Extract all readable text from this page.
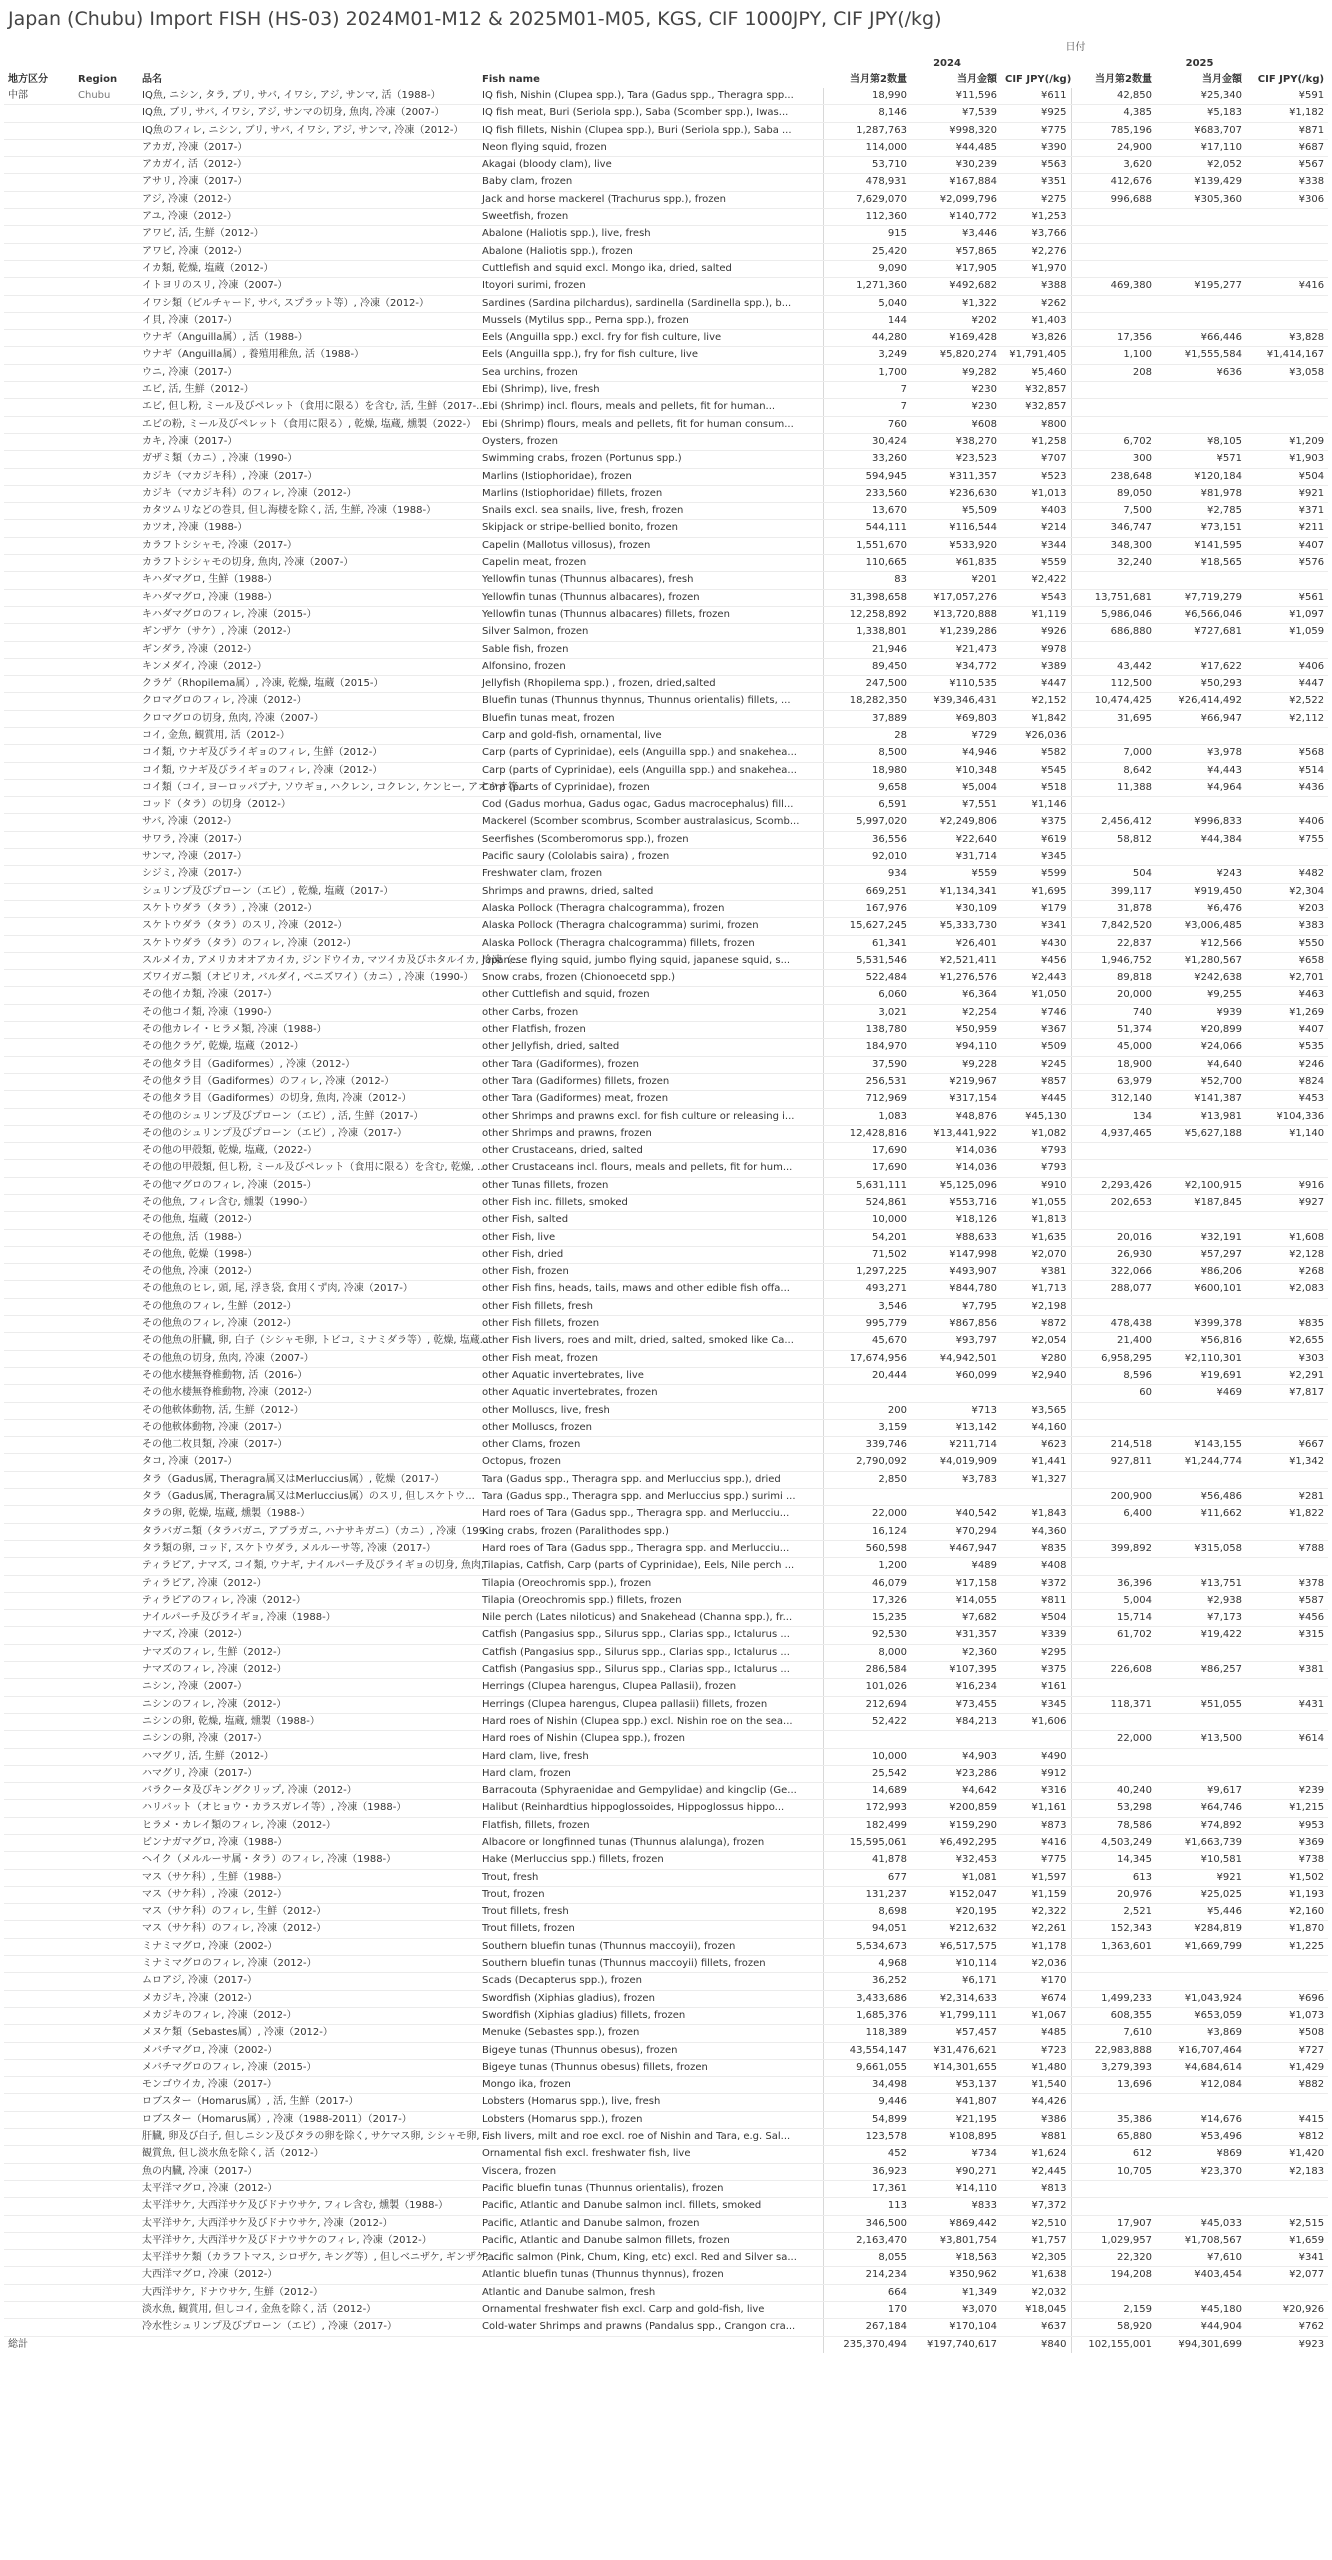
Japan (Chubu) Import FISH (HS-03) 2024M01-M12 & 2025M01-M05, KGS, CIF 1000JPY, CIF JPY(/kg)
				日付					
				2024			2025		
地方区分	Region	品名	Fish name	当月第2数量	当月金額	CIF JPY(/kg)	当月第2数量	当月金額	CIF JPY(/kg)
中部	Chubu	IQ魚, ニシン, タラ, ブリ, サバ, イワシ, アジ, サンマ, 活（1988-）	IQ fish, Nishin (Clupea spp.), Tara (Gadus spp., Theragra spp...	18,990	¥11,596	¥611	42,850	¥25,340	¥591
		IQ魚, ブリ, サバ, イワシ, アジ, サンマの切身, 魚肉, 冷凍（2007-）	IQ fish meat, Buri (Seriola spp.), Saba (Scomber spp.), Iwas...	8,146	¥7,539	¥925	4,385	¥5,183	¥1,182
		IQ魚のフィレ, ニシン, ブリ, サバ, イワシ, アジ, サンマ, 冷凍（2012-）	IQ fish fillets, Nishin (Clupea spp.), Buri (Seriola spp.), Saba ...	1,287,763	¥998,320	¥775	785,196	¥683,707	¥871
		アカガ, 冷凍（2017-）	Neon flying squid, frozen	114,000	¥44,485	¥390	24,900	¥17,110	¥687
		アカガイ, 活（2012-）	Akagai (bloody clam), live	53,710	¥30,239	¥563	3,620	¥2,052	¥567
		アサリ, 冷凍（2017-）	Baby clam, frozen	478,931	¥167,884	¥351	412,676	¥139,429	¥338
		アジ, 冷凍（2012-）	Jack and horse mackerel (Trachurus spp.), frozen	7,629,070	¥2,099,796	¥275	996,688	¥305,360	¥306
		アユ, 冷凍（2012-）	Sweetfish, frozen	112,360	¥140,772	¥1,253			
		アワビ, 活, 生鮮（2012-）	Abalone (Haliotis spp.), live, fresh	915	¥3,446	¥3,766			
		アワビ, 冷凍（2012-）	Abalone (Haliotis spp.), frozen	25,420	¥57,865	¥2,276			
		イカ類, 乾燥, 塩蔵（2012-）	Cuttlefish and squid excl. Mongo ika, dried, salted	9,090	¥17,905	¥1,970			
		イトヨリのスリ, 冷凍（2007-）	Itoyori surimi, frozen	1,271,360	¥492,682	¥388	469,380	¥195,277	¥416
		イワシ類（ピルチャード, サバ, スプラット等）, 冷凍（2012-）	Sardines (Sardina pilchardus), sardinella (Sardinella spp.), b...	5,040	¥1,322	¥262			
		イ貝, 冷凍（2017-）	Mussels (Mytilus spp., Perna spp.), frozen	144	¥202	¥1,403			
		ウナギ（Anguilla属）, 活（1988-）	Eels (Anguilla spp.) excl. fry for fish culture, live	44,280	¥169,428	¥3,826	17,356	¥66,446	¥3,828
		ウナギ（Anguilla属）, 養殖用稚魚, 活（1988-）	Eels (Anguilla spp.), fry for fish culture, live	3,249	¥5,820,274	¥1,791,405	1,100	¥1,555,584	¥1,414,167
		ウニ, 冷凍（2017-）	Sea urchins, frozen	1,700	¥9,282	¥5,460	208	¥636	¥3,058
		エビ, 活, 生鮮（2012-）	Ebi (Shrimp), live, fresh	7	¥230	¥32,857			
		エビ, 但し粉, ミール及びペレット（食用に限る）を含む, 活, 生鮮（2017-...	Ebi (Shrimp) incl. flours, meals and pellets, fit for human...	7	¥230	¥32,857			
		エビの粉, ミール及びペレット（食用に限る）, 乾燥, 塩蔵, 燻製（2022-）	Ebi (Shrimp) flours, meals and pellets, fit for human consum...	760	¥608	¥800			
		カキ, 冷凍（2017-）	Oysters, frozen	30,424	¥38,270	¥1,258	6,702	¥8,105	¥1,209
		ガザミ類（カニ）, 冷凍（1990-）	Swimming crabs, frozen (Portunus spp.)	33,260	¥23,523	¥707	300	¥571	¥1,903
		カジキ（マカジキ科）, 冷凍（2017-）	Marlins (Istiophoridae), frozen	594,945	¥311,357	¥523	238,648	¥120,184	¥504
		カジキ（マカジキ科）のフィレ, 冷凍（2012-）	Marlins (Istiophoridae) fillets, frozen	233,560	¥236,630	¥1,013	89,050	¥81,978	¥921
		カタツムリなどの巻貝, 但し海棲を除く, 活, 生鮮, 冷凍（1988-）	Snails excl. sea snails, live, fresh, frozen	13,670	¥5,509	¥403	7,500	¥2,785	¥371
		カツオ, 冷凍（1988-）	Skipjack or stripe-bellied bonito, frozen	544,111	¥116,544	¥214	346,747	¥73,151	¥211
		カラフトシシャモ, 冷凍（2017-）	Capelin (Mallotus villosus), frozen	1,551,670	¥533,920	¥344	348,300	¥141,595	¥407
		カラフトシシャモの切身, 魚肉, 冷凍（2007-）	Capelin meat, frozen	110,665	¥61,835	¥559	32,240	¥18,565	¥576
		キハダマグロ, 生鮮（1988-）	Yellowfin tunas (Thunnus albacares), fresh	83	¥201	¥2,422			
		キハダマグロ, 冷凍（1988-）	Yellowfin tunas (Thunnus albacares), frozen	31,398,658	¥17,057,276	¥543	13,751,681	¥7,719,279	¥561
		キハダマグロのフィレ, 冷凍（2015-）	Yellowfin tunas (Thunnus albacares) fillets, frozen	12,258,892	¥13,720,888	¥1,119	5,986,046	¥6,566,046	¥1,097
		ギンザケ（サケ）, 冷凍（2012-）	Silver Salmon, frozen	1,338,801	¥1,239,286	¥926	686,880	¥727,681	¥1,059
		ギンダラ, 冷凍（2012-）	Sable fish, frozen	21,946	¥21,473	¥978			
		キンメダイ, 冷凍（2012-）	Alfonsino, frozen	89,450	¥34,772	¥389	43,442	¥17,622	¥406
		クラゲ（Rhopilema属）, 冷凍, 乾燥, 塩蔵（2015-）	Jellyfish (Rhopilema spp.) , frozen, dried,salted	247,500	¥110,535	¥447	112,500	¥50,293	¥447
		クロマグロのフィレ, 冷凍（2012-）	Bluefin tunas (Thunnus thynnus, Thunnus orientalis) fillets, ...	18,282,350	¥39,346,431	¥2,152	10,474,425	¥26,414,492	¥2,522
		クロマグロの切身, 魚肉, 冷凍（2007-）	Bluefin tunas meat, frozen	37,889	¥69,803	¥1,842	31,695	¥66,947	¥2,112
		コイ, 金魚, 観賞用, 活（2012-）	Carp and gold-fish, ornamental, live	28	¥729	¥26,036			
		コイ類, ウナギ及びライギョのフィレ, 生鮮（2012-）	Carp (parts of Cyprinidae), eels (Anguilla spp.) and snakehea...	8,500	¥4,946	¥582	7,000	¥3,978	¥568
		コイ類, ウナギ及びライギョのフィレ, 冷凍（2012-）	Carp (parts of Cyprinidae), eels (Anguilla spp.) and snakehea...	18,980	¥10,348	¥545	8,642	¥4,443	¥514
		コイ類（コイ, ヨーロッパブナ, ソウギョ, ハクレン, コクレン, ケンヒー, アオウオ等...	Carp (parts of Cyprinidae), frozen	9,658	¥5,004	¥518	11,388	¥4,964	¥436
		コッド（タラ）の切身（2012-）	Cod (Gadus morhua, Gadus ogac, Gadus macrocephalus) fill...	6,591	¥7,551	¥1,146			
		サバ, 冷凍（2012-）	Mackerel (Scomber scombrus, Scomber australasicus, Scomb...	5,997,020	¥2,249,806	¥375	2,456,412	¥996,833	¥406
		サワラ, 冷凍（2017-）	Seerfishes (Scomberomorus spp.), frozen	36,556	¥22,640	¥619	58,812	¥44,384	¥755
		サンマ, 冷凍（2017-）	Pacific saury (Cololabis saira) , frozen	92,010	¥31,714	¥345			
		シジミ, 冷凍（2017-）	Freshwater clam, frozen	934	¥559	¥599	504	¥243	¥482
		シュリンプ及びプローン（エビ）, 乾燥, 塩蔵（2017-）	Shrimps and prawns, dried, salted	669,251	¥1,134,341	¥1,695	399,117	¥919,450	¥2,304
		スケトウダラ（タラ）, 冷凍（2012-）	Alaska Pollock (Theragra chalcogramma), frozen	167,976	¥30,109	¥179	31,878	¥6,476	¥203
		スケトウダラ（タラ）のスリ, 冷凍（2012-）	Alaska Pollock (Theragra chalcogramma) surimi, frozen	15,627,245	¥5,333,730	¥341	7,842,520	¥3,006,485	¥383
		スケトウダラ（タラ）のフィレ, 冷凍（2012-）	Alaska Pollock (Theragra chalcogramma) fillets, frozen	61,341	¥26,401	¥430	22,837	¥12,566	¥550
		スルメイカ, アメリカオオアカイカ, ジンドウイカ, マツイカ及びホタルイカ, 冷凍（...	Japanese flying squid, jumbo flying squid, japanese squid, s...	5,531,546	¥2,521,411	¥456	1,946,752	¥1,280,567	¥658
		ズワイガニ類（オピリオ, バルダイ, ベニズワイ）（カニ）, 冷凍（1990-）	Snow crabs, frozen (Chionoecetd spp.)	522,484	¥1,276,576	¥2,443	89,818	¥242,638	¥2,701
		その他イカ類, 冷凍（2017-）	other Cuttlefish and squid, frozen	6,060	¥6,364	¥1,050	20,000	¥9,255	¥463
		その他コイ類, 冷凍（1990-）	other Carbs, frozen	3,021	¥2,254	¥746	740	¥939	¥1,269
		その他カレイ・ヒラメ類, 冷凍（1988-）	other Flatfish, frozen	138,780	¥50,959	¥367	51,374	¥20,899	¥407
		その他クラゲ, 乾燥, 塩蔵（2012-）	other Jellyfish, dried, salted	184,970	¥94,110	¥509	45,000	¥24,066	¥535
		その他タラ目（Gadiformes）, 冷凍（2012-）	other Tara (Gadiformes), frozen	37,590	¥9,228	¥245	18,900	¥4,640	¥246
		その他タラ目（Gadiformes）のフィレ, 冷凍（2012-）	other Tara (Gadiformes) fillets, frozen	256,531	¥219,967	¥857	63,979	¥52,700	¥824
		その他タラ目（Gadiformes）の切身, 魚肉, 冷凍（2012-）	other Tara (Gadiformes) meat, frozen	712,969	¥317,154	¥445	312,140	¥141,387	¥453
		その他のシュリンプ及びプローン（エビ）, 活, 生鮮（2017-）	other Shrimps and prawns excl. for fish culture or releasing i...	1,083	¥48,876	¥45,130	134	¥13,981	¥104,336
		その他のシュリンプ及びプローン（エビ）, 冷凍（2017-）	other Shrimps and prawns, frozen	12,428,816	¥13,441,922	¥1,082	4,937,465	¥5,627,188	¥1,140
		その他の甲殻類, 乾燥, 塩蔵,（2022-）	other Crustaceans, dried, salted	17,690	¥14,036	¥793			
		その他の甲殻類, 但し粉, ミール及びペレット（食用に限る）を含む, 乾燥, ...	other Crustaceans incl. flours, meals and pellets, fit for hum...	17,690	¥14,036	¥793			
		その他マグロのフィレ, 冷凍（2015-）	other Tunas fillets, frozen	5,631,111	¥5,125,096	¥910	2,293,426	¥2,100,915	¥916
		その他魚, フィレ含む, 燻製（1990-）	other Fish inc. fillets, smoked	524,861	¥553,716	¥1,055	202,653	¥187,845	¥927
		その他魚, 塩蔵（2012-）	other Fish, salted	10,000	¥18,126	¥1,813			
		その他魚, 活（1988-）	other Fish, live	54,201	¥88,633	¥1,635	20,016	¥32,191	¥1,608
		その他魚, 乾燥（1998-）	other Fish, dried	71,502	¥147,998	¥2,070	26,930	¥57,297	¥2,128
		その他魚, 冷凍（2012-）	other Fish, frozen	1,297,225	¥493,907	¥381	322,066	¥86,206	¥268
		その他魚のヒレ, 頭, 尾, 浮き袋, 食用くず肉, 冷凍（2017-）	other Fish fins, heads, tails, maws and other edible fish offa...	493,271	¥844,780	¥1,713	288,077	¥600,101	¥2,083
		その他魚のフィレ, 生鮮（2012-）	other Fish fillets, fresh	3,546	¥7,795	¥2,198			
		その他魚のフィレ, 冷凍（2012-）	other Fish fillets, frozen	995,779	¥867,856	¥872	478,438	¥399,378	¥835
		その他魚の肝臓, 卵, 白子（シシャモ卵, トビコ, ミナミダラ等）, 乾燥, 塩蔵...	other Fish livers, roes and milt, dried, salted, smoked like Ca...	45,670	¥93,797	¥2,054	21,400	¥56,816	¥2,655
		その他魚の切身, 魚肉, 冷凍（2007-）	other Fish meat, frozen	17,674,956	¥4,942,501	¥280	6,958,295	¥2,110,301	¥303
		その他水棲無脊椎動物, 活（2016-）	other Aquatic invertebrates, live	20,444	¥60,099	¥2,940	8,596	¥19,691	¥2,291
		その他水棲無脊椎動物, 冷凍（2012-）	other Aquatic invertebrates, frozen				60	¥469	¥7,817
		その他軟体動物, 活, 生鮮（2012-）	other Molluscs, live, fresh	200	¥713	¥3,565			
		その他軟体動物, 冷凍（2017-）	other Molluscs, frozen	3,159	¥13,142	¥4,160			
		その他二枚貝類, 冷凍（2017-）	other Clams, frozen	339,746	¥211,714	¥623	214,518	¥143,155	¥667
		タコ, 冷凍（2017-）	Octopus, frozen	2,790,092	¥4,019,909	¥1,441	927,811	¥1,244,774	¥1,342
		タラ（Gadus属, Theragra属又はMerluccius属）, 乾燥（2017-）	Tara (Gadus spp., Theragra spp. and Merluccius spp.), dried	2,850	¥3,783	¥1,327			
		タラ（Gadus属, Theragra属又はMerluccius属）のスリ, 但しスケトウ...	Tara (Gadus spp., Theragra spp. and Merluccius spp.) surimi ...				200,900	¥56,486	¥281
		タラの卵, 乾燥, 塩蔵, 燻製（1988-）	Hard roes of Tara (Gadus spp., Theragra spp. and Merlucciu...	22,000	¥40,542	¥1,843	6,400	¥11,662	¥1,822
		タラバガニ類（タラバガニ, アブラガニ, ハナサキガニ）（カニ）, 冷凍（199...	King crabs, frozen (Paralithodes spp.)	16,124	¥70,294	¥4,360			
		タラ類の卵, コッド, スケトウダラ, メルルーサ等, 冷凍（2017-）	Hard roes of Tara (Gadus spp., Theragra spp. and Merlucciu...	560,598	¥467,947	¥835	399,892	¥315,058	¥788
		ティラピア, ナマズ, コイ類, ウナギ, ナイルパーチ及びライギョの切身, 魚肉, ...	Tilapias, Catfish, Carp (parts of Cyprinidae), Eels, Nile perch ...	1,200	¥489	¥408			
		ティラピア, 冷凍（2012-）	Tilapia (Oreochromis spp.), frozen	46,079	¥17,158	¥372	36,396	¥13,751	¥378
		ティラピアのフィレ, 冷凍（2012-）	Tilapia (Oreochromis spp.) fillets, frozen	17,326	¥14,055	¥811	5,004	¥2,938	¥587
		ナイルパーチ及びライギョ, 冷凍（1988-）	Nile perch (Lates niloticus) and Snakehead (Channa spp.), fr...	15,235	¥7,682	¥504	15,714	¥7,173	¥456
		ナマズ, 冷凍（2012-）	Catfish (Pangasius spp., Silurus spp., Clarias spp., Ictalurus ...	92,530	¥31,357	¥339	61,702	¥19,422	¥315
		ナマズのフィレ, 生鮮（2012-）	Catfish (Pangasius spp., Silurus spp., Clarias spp., Ictalurus ...	8,000	¥2,360	¥295			
		ナマズのフィレ, 冷凍（2012-）	Catfish (Pangasius spp., Silurus spp., Clarias spp., Ictalurus ...	286,584	¥107,395	¥375	226,608	¥86,257	¥381
		ニシン, 冷凍（2007-）	Herrings (Clupea harengus, Clupea Pallasii), frozen	101,026	¥16,234	¥161			
		ニシンのフィレ, 冷凍（2012-）	Herrings (Clupea harengus, Clupea pallasii) fillets, frozen	212,694	¥73,455	¥345	118,371	¥51,055	¥431
		ニシンの卵, 乾燥, 塩蔵, 燻製（1988-）	Hard roes of Nishin (Clupea spp.) excl. Nishin roe on the sea...	52,422	¥84,213	¥1,606			
		ニシンの卵, 冷凍（2017-）	Hard roes of Nishin (Clupea spp.), frozen				22,000	¥13,500	¥614
		ハマグリ, 活, 生鮮（2012-）	Hard clam, live, fresh	10,000	¥4,903	¥490			
		ハマグリ, 冷凍（2017-）	Hard clam, frozen	25,542	¥23,286	¥912			
		バラクータ及びキングクリップ, 冷凍（2012-）	Barracouta (Sphyraenidae and Gempylidae) and kingclip (Ge...	14,689	¥4,642	¥316	40,240	¥9,617	¥239
		ハリバット（オヒョウ・カラスガレイ等）, 冷凍（1988-）	Halibut (Reinhardtius hippoglossoides, Hippoglossus hippo...	172,993	¥200,859	¥1,161	53,298	¥64,746	¥1,215
		ヒラメ・カレイ類のフィレ, 冷凍（2012-）	Flatfish, fillets, frozen	182,499	¥159,290	¥873	78,586	¥74,892	¥953
		ビンナガマグロ, 冷凍（1988-）	Albacore or longfinned tunas (Thunnus alalunga), frozen	15,595,061	¥6,492,295	¥416	4,503,249	¥1,663,739	¥369
		ヘイク（メルルーサ属・タラ）のフィレ, 冷凍（1988-）	Hake (Merluccius spp.) fillets, frozen	41,878	¥32,453	¥775	14,345	¥10,581	¥738
		マス（サケ科）, 生鮮（1988-）	Trout, fresh	677	¥1,081	¥1,597	613	¥921	¥1,502
		マス（サケ科）, 冷凍（2012-）	Trout, frozen	131,237	¥152,047	¥1,159	20,976	¥25,025	¥1,193
		マス（サケ科）のフィレ, 生鮮（2012-）	Trout fillets, fresh	8,698	¥20,195	¥2,322	2,521	¥5,446	¥2,160
		マス（サケ科）のフィレ, 冷凍（2012-）	Trout fillets, frozen	94,051	¥212,632	¥2,261	152,343	¥284,819	¥1,870
		ミナミマグロ, 冷凍（2002-）	Southern bluefin tunas (Thunnus maccoyii), frozen	5,534,673	¥6,517,575	¥1,178	1,363,601	¥1,669,799	¥1,225
		ミナミマグロのフィレ, 冷凍（2012-）	Southern bluefin tunas (Thunnus maccoyii) fillets, frozen	4,968	¥10,114	¥2,036			
		ムロアジ, 冷凍（2017-）	Scads (Decapterus spp.), frozen	36,252	¥6,171	¥170			
		メカジキ, 冷凍（2012-）	Swordfish (Xiphias gladius), frozen	3,433,686	¥2,314,633	¥674	1,499,233	¥1,043,924	¥696
		メカジキのフィレ, 冷凍（2012-）	Swordfish (Xiphias gladius) fillets, frozen	1,685,376	¥1,799,111	¥1,067	608,355	¥653,059	¥1,073
		メヌケ類（Sebastes属）, 冷凍（2012-）	Menuke (Sebastes spp.), frozen	118,389	¥57,457	¥485	7,610	¥3,869	¥508
		メバチマグロ, 冷凍（2002-）	Bigeye tunas (Thunnus obesus), frozen	43,554,147	¥31,476,621	¥723	22,983,888	¥16,707,464	¥727
		メバチマグロのフィレ, 冷凍（2015-）	Bigeye tunas (Thunnus obesus) fillets, frozen	9,661,055	¥14,301,655	¥1,480	3,279,393	¥4,684,614	¥1,429
		モンゴウイカ, 冷凍（2017-）	Mongo ika, frozen	34,498	¥53,137	¥1,540	13,696	¥12,084	¥882
		ロブスター（Homarus属）, 活, 生鮮（2017-）	Lobsters (Homarus spp.), live, fresh	9,446	¥41,807	¥4,426			
		ロブスター（Homarus属）, 冷凍（1988-2011）（2017-）	Lobsters (Homarus spp.), frozen	54,899	¥21,195	¥386	35,386	¥14,676	¥415
		肝臓, 卵及び白子, 但しニシン及びタラの卵を除く, サケマス卵, シシャモ卵, ...	Fish livers, milt and roe excl. roe of Nishin and Tara, e.g. Sal...	123,578	¥108,895	¥881	65,880	¥53,496	¥812
		観賞魚, 但し淡水魚を除く, 活（2012-）	Ornamental fish excl. freshwater fish, live	452	¥734	¥1,624	612	¥869	¥1,420
		魚の内臓, 冷凍（2017-）	Viscera, frozen	36,923	¥90,271	¥2,445	10,705	¥23,370	¥2,183
		太平洋マグロ, 冷凍（2012-）	Pacific bluefin tunas (Thunnus orientalis), frozen	17,361	¥14,110	¥813			
		太平洋サケ, 大西洋サケ及びドナウサケ, フィレ含む, 燻製（1988-）	Pacific, Atlantic and Danube salmon incl. fillets, smoked	113	¥833	¥7,372			
		太平洋サケ, 大西洋サケ及びドナウサケ, 冷凍（2012-）	Pacific, Atlantic and Danube salmon, frozen	346,500	¥869,442	¥2,510	17,907	¥45,033	¥2,515
		太平洋サケ, 大西洋サケ及びドナウサケのフィレ, 冷凍（2012-）	Pacific, Atlantic and Danube salmon fillets, frozen	2,163,470	¥3,801,754	¥1,757	1,029,957	¥1,708,567	¥1,659
		太平洋サケ類（カラフトマス, シロザケ, キング等）, 但しベニザケ, ギンザケ, ...	Pacific salmon (Pink, Chum, King, etc) excl. Red and Silver sa...	8,055	¥18,563	¥2,305	22,320	¥7,610	¥341
		大西洋マグロ, 冷凍（2012-）	Atlantic bluefin tunas (Thunnus thynnus), frozen	214,234	¥350,962	¥1,638	194,208	¥403,454	¥2,077
		大西洋サケ, ドナウサケ, 生鮮（2012-）	Atlantic and Danube salmon, fresh	664	¥1,349	¥2,032			
		淡水魚, 観賞用, 但しコイ, 金魚を除く, 活（2012-）	Ornamental freshwater fish excl. Carp and gold-fish, live	170	¥3,070	¥18,045	2,159	¥45,180	¥20,926
		冷水性シュリンプ及びプローン（エビ）, 冷凍（2017-）	Cold-water Shrimps and prawns (Pandalus spp., Crangon cra...	267,184	¥170,104	¥637	58,920	¥44,904	¥762
総計				235,370,494	¥197,740,617	¥840	102,155,001	¥94,301,699	¥923
